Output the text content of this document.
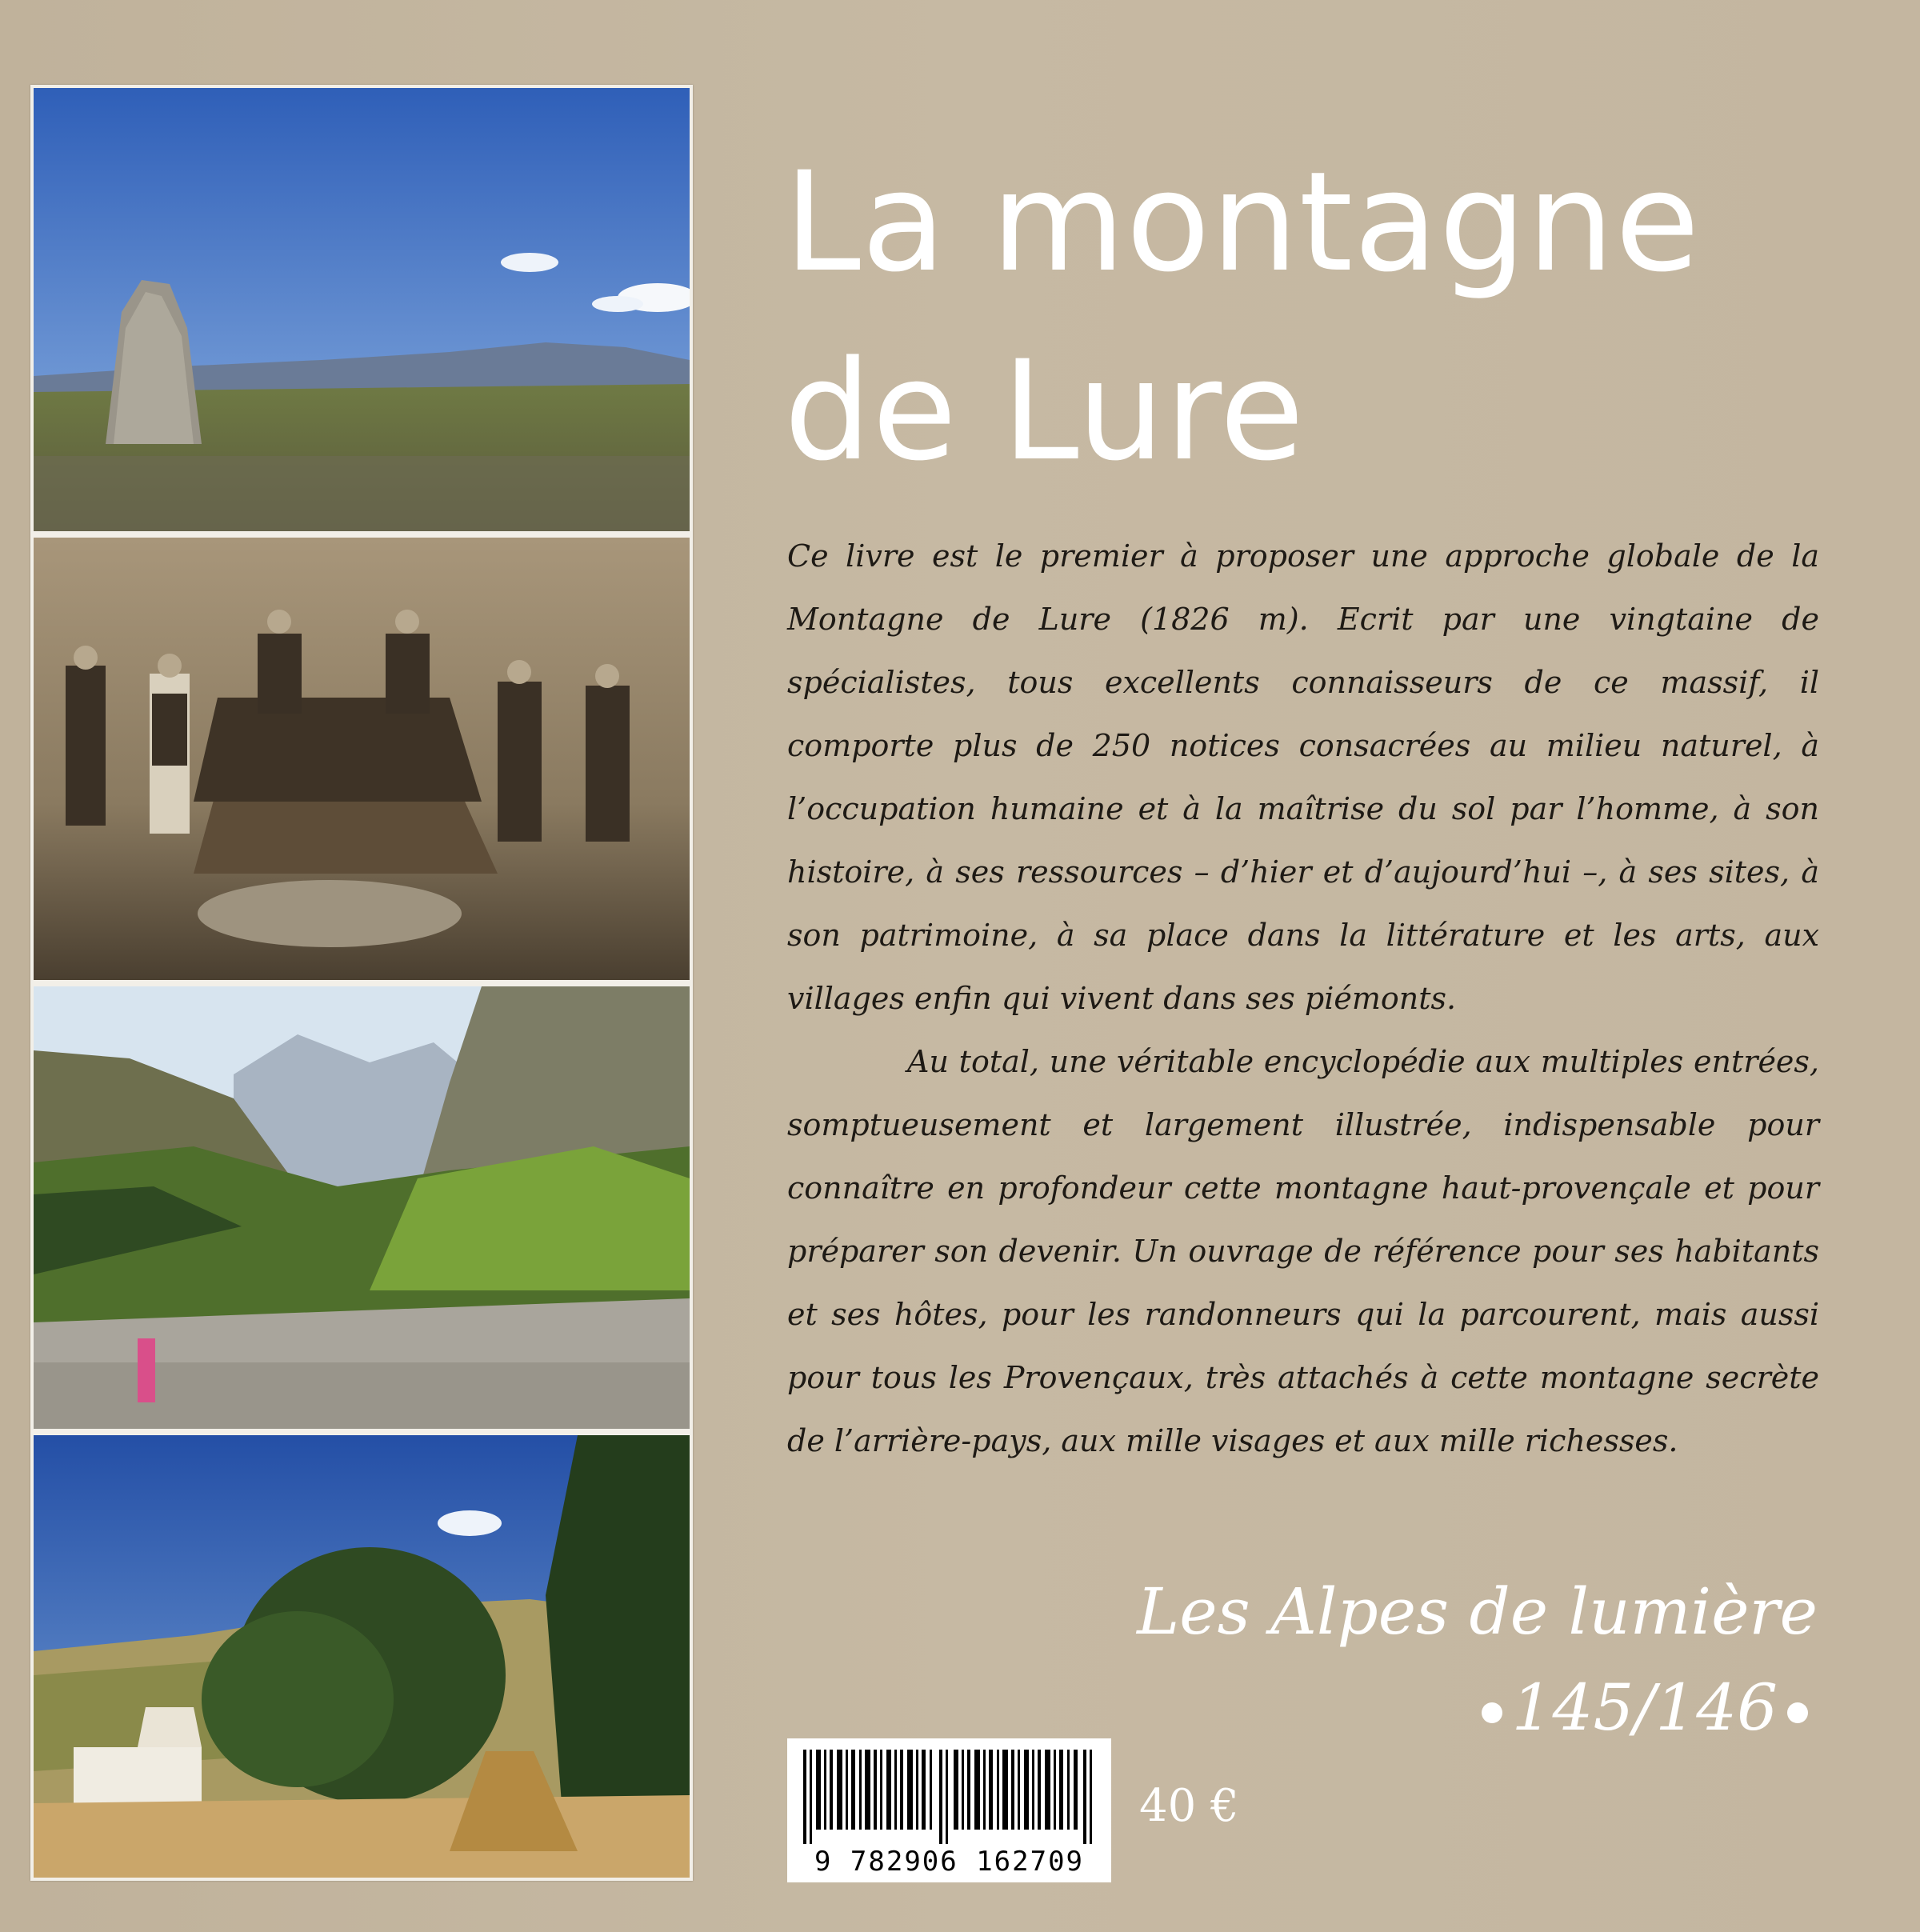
La montagne
de Lure

Ce livre est le premier à proposer une approche globale de la Montagne de Lure (1826 m). Ecrit par une vingtaine de spécialistes, tous excellents connaisseurs de ce massif, il comporte plus de 250 notices consacrées au milieu naturel, à l’occupation humaine et à la maîtrise du sol par l’homme, à son histoire, à ses ressources – d’hier et d’aujourd’hui –, à ses sites, à son patrimoine, à sa place dans la littérature et les arts, aux villages enfin qui vivent dans ses piémonts.

Au total, une véritable encyclopédie aux multiples entrées, somptueusement et largement illustrée, indispensable pour connaître en profondeur cette montagne haut-provençale et pour préparer son devenir. Un ouvrage de référence pour ses habitants et ses hôtes, pour les randonneurs qui la parcourent, mais aussi pour tous les Provençaux, très attachés à cette montagne secrète de l’arrière-pays, aux mille visages et aux mille richesses.

Les Alpes de lumière
145/146
9 782906 162709
40 €
